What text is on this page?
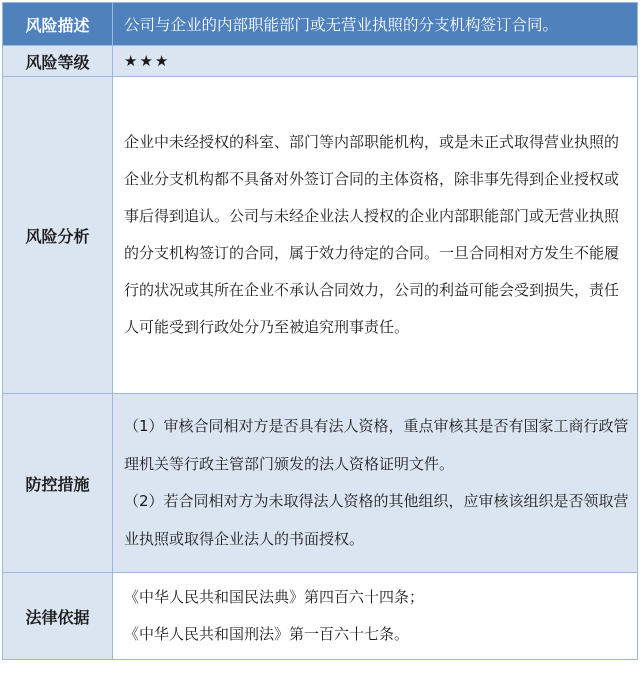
风险描述	公司与企业的内部职能部门或无营业执照的分支机构签订合同。
风险等级	★★★
风险分析	企业中未经授权的科室、部门等内部职能机构，或是未正式取得营业执照的企业分支机构都不具备对外签订合同的主体资格，除非事先得到企业授权或事后得到追认。公司与未经企业法人授权的企业内部职能部门或无营业执照的分支机构签订的合同，属于效力待定的合同。一旦合同相对方发生不能履行的状况或其所在企业不承认合同效力，公司的利益可能会受到损失，责任人可能受到行政处分乃至被追究刑事责任。
防控措施	（1）审核合同相对方是否具有法人资格，重点审核其是否有国家工商行政管理机关等行政主管部门颁发的法人资格证明文件。
（2）若合同相对方为未取得法人资格的其他组织，应审核该组织是否领取营业执照或取得企业法人的书面授权。

法律依据	《中华人民共和国民法典》第四百六十四条；
《中华人民共和国刑法》第一百六十七条。
